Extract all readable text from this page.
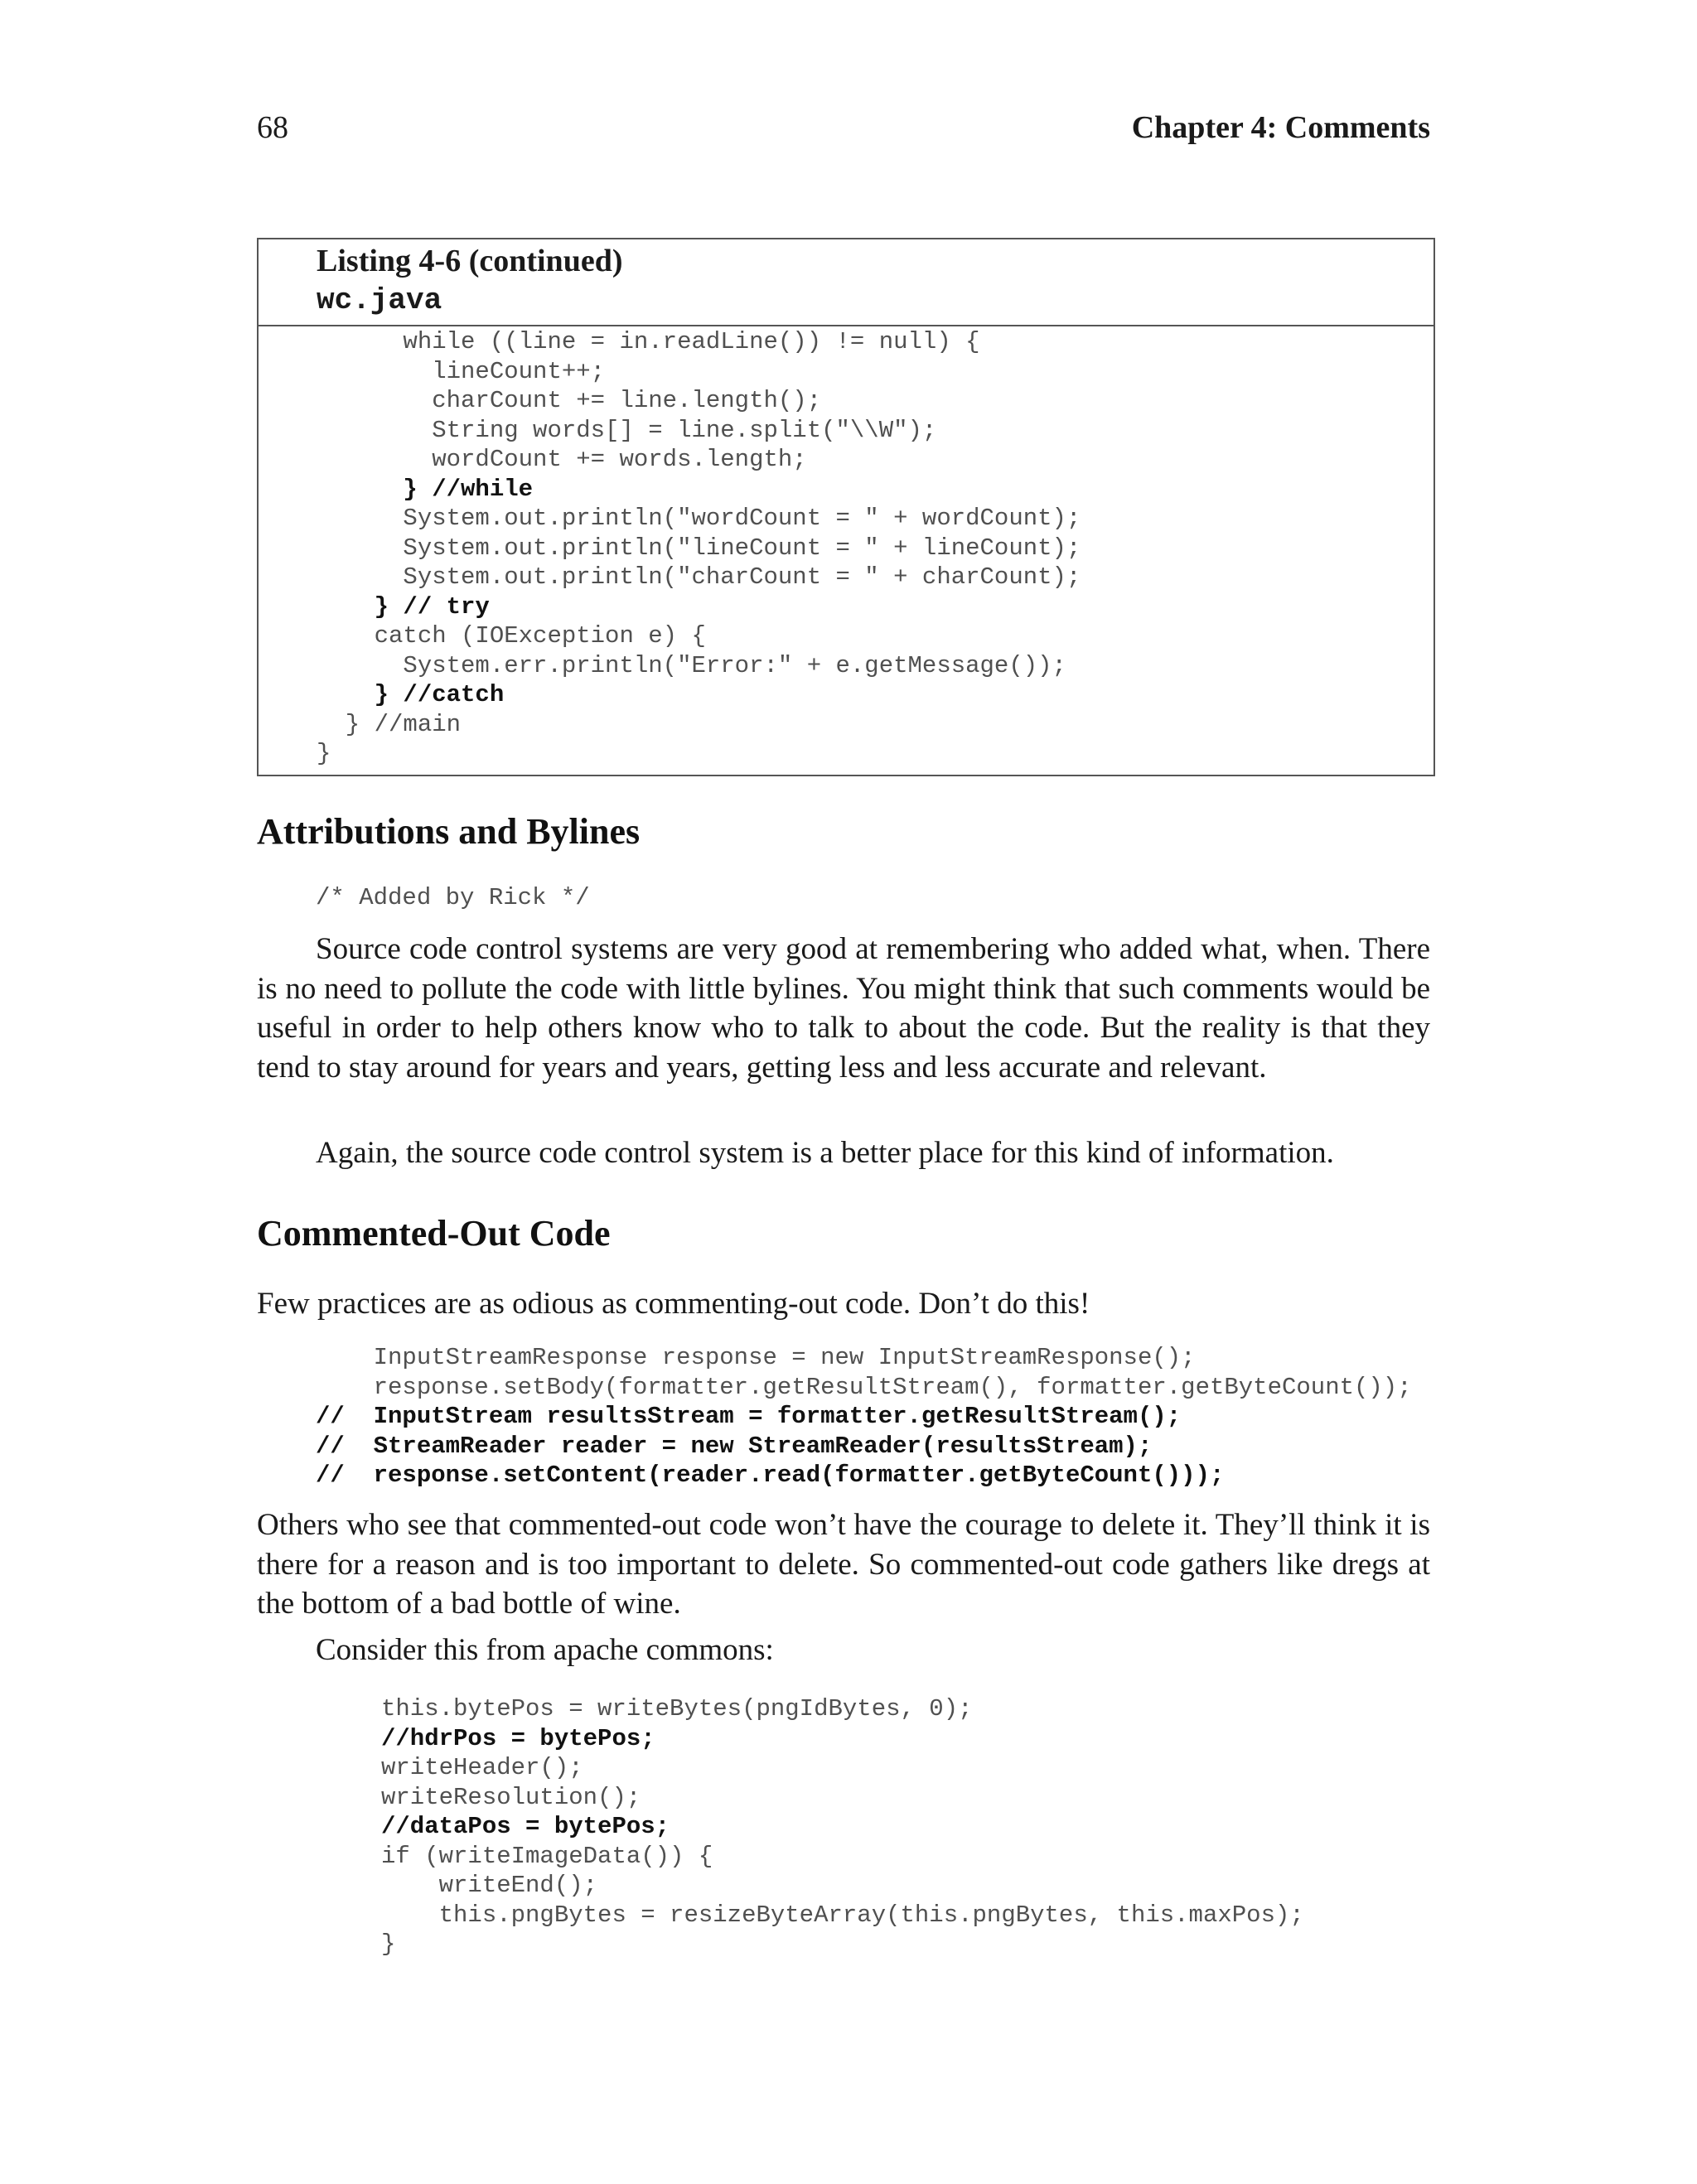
68	Chapter 4: Comments
Listing 4-6 (continued)
wc.java
while ((line = in.readLine()) != null) {
lineCount++;
charCount += line.length();
String words[] = line.split("\\W");
wordCount += words.length;
} //while
System.out.println("wordCount = " + wordCount);
System.out.println("lineCount = " + lineCount);
System.out.println("charCount = " + charCount);
} // try
catch (IOException e) {
System.err.println("Error:" + e.getMessage());
} //catch
} //main
}
Attributions and Bylines
/* Added by Rick */

Source code control systems are very good at remembering who added what, when. There is no need to pollute the code with little bylines. You might think that such comments would be useful in order to help others know who to talk to about the code. But the reality is that they tend to stay around for years and years, getting less and less accurate and relevant.

Again, the source code control system is a better place for this kind of information.

Commented-Out Code

Few practices are as odious as commenting-out code. Don’t do this!

InputStreamResponse response = new InputStreamResponse();
response.setBody(formatter.getResultStream(), formatter.getByteCount());
//  InputStream resultsStream = formatter.getResultStream();
//  StreamReader reader = new StreamReader(resultsStream);
//  response.setContent(reader.read(formatter.getByteCount()));

Others who see that commented-out code won’t have the courage to delete it. They’ll think it is there for a reason and is too important to delete. So commented-out code gathers like dregs at the bottom of a bad bottle of wine.

Consider this from apache commons:

this.bytePos = writeBytes(pngIdBytes, 0);
//hdrPos = bytePos;
writeHeader();
writeResolution();
//dataPos = bytePos;
if (writeImageData()) {
writeEnd();
this.pngBytes = resizeByteArray(this.pngBytes, this.maxPos);
}
